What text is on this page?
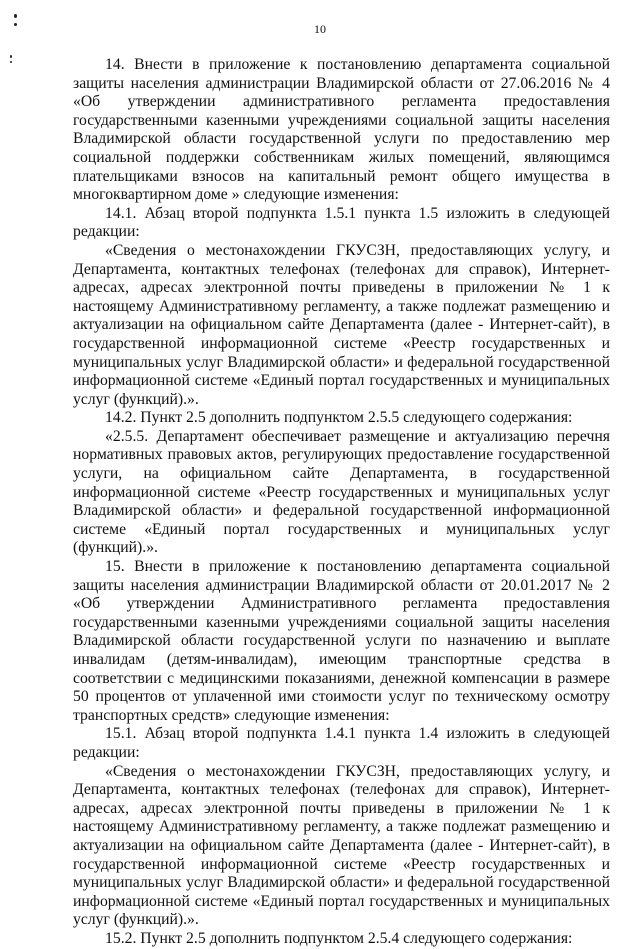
10

14. Внести в приложение к постановлению департамента социальной защиты населения администрации Владимирской области от 27.06.2016 № 4 «Об утверждении административного регламента предоставления государственными казенными учреждениями социальной защиты населения Владимирской области государственной услуги по предоставлению мер социальной поддержки собственникам жилых помещений, являющимся плательщиками взносов на капитальный ремонт общего имущества в многоквартирном доме » следующие изменения:

14.1. Абзац второй подпункта 1.5.1 пункта 1.5 изложить в следующей редакции:

«Сведения о местонахождении ГКУСЗН, предоставляющих услугу, и Департамента, контактных телефонах (телефонах для справок), Интернет-адресах, адресах электронной почты приведены в приложении № 1 к настоящему Административному регламенту, а также подлежат размещению и актуализации на официальном сайте Департамента (далее - Интернет-сайт), в государственной информационной системе «Реестр государственных и муниципальных услуг Владимирской области» и федеральной государственной информационной системе «Единый портал государственных и муниципальных услуг (функций).».

14.2. Пункт 2.5 дополнить подпунктом 2.5.5 следующего содержания:

«2.5.5. Департамент обеспечивает размещение и актуализацию перечня нормативных правовых актов, регулирующих предоставление государственной услуги, на официальном сайте Департамента, в государственной информационной системе «Реестр государственных и муниципальных услуг Владимирской области» и федеральной государственной информационной системе «Единый портал государственных и муниципальных услуг (функций).».

15. Внести в приложение к постановлению департамента социальной защиты населения администрации Владимирской области от 20.01.2017 № 2 «Об утверждении Административного регламента предоставления государственными казенными учреждениями социальной защиты населения Владимирской области государственной услуги по назначению и выплате инвалидам (детям-инвалидам), имеющим транспортные средства в соответствии с медицинскими показаниями, денежной компенсации в размере 50 процентов от уплаченной ими стоимости услуг по техническому осмотру транспортных средств» следующие изменения:

15.1. Абзац второй подпункта 1.4.1 пункта 1.4 изложить в следующей редакции:

«Сведения о местонахождении ГКУСЗН, предоставляющих услугу, и Департамента, контактных телефонах (телефонах для справок), Интернет-адресах, адресах электронной почты приведены в приложении № 1 к настоящему Административному регламенту, а также подлежат размещению и актуализации на официальном сайте Департамента (далее - Интернет-сайт), в государственной информационной системе «Реестр государственных и муниципальных услуг Владимирской области» и федеральной государственной информационной системе «Единый портал государственных и муниципальных услуг (функций).».

15.2. Пункт 2.5 дополнить подпунктом 2.5.4 следующего содержания:
